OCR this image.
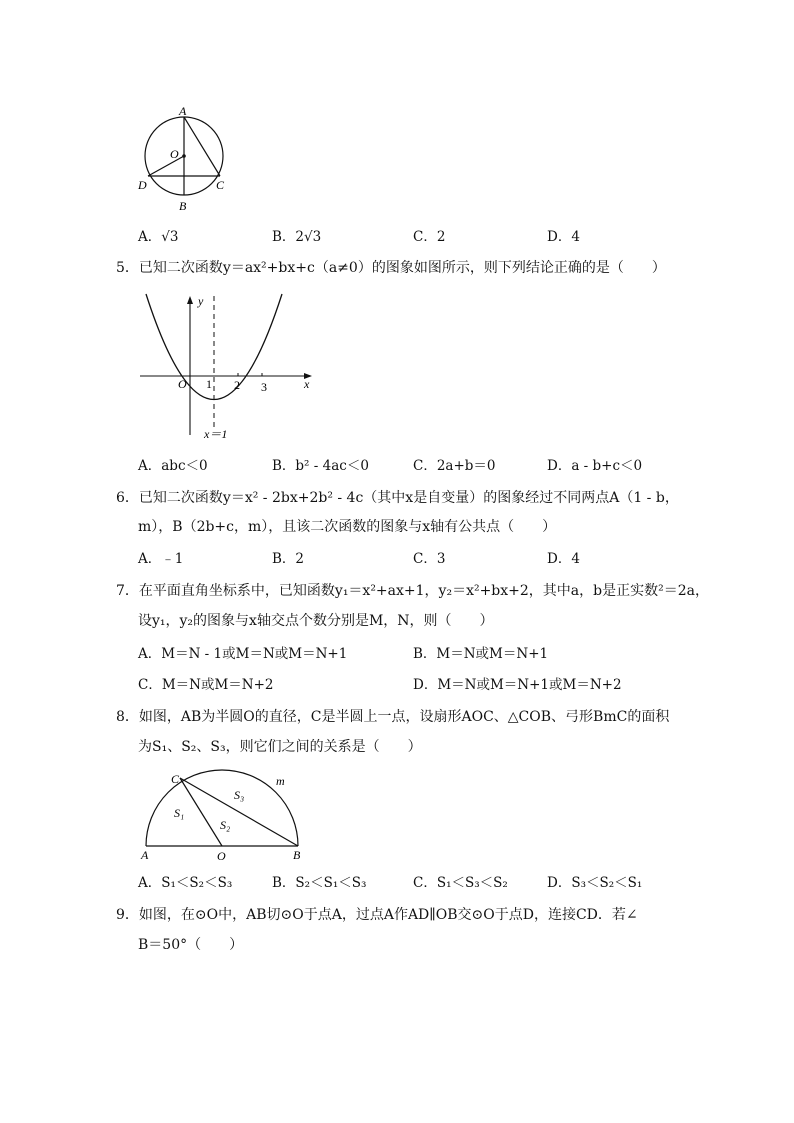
A
O
D	C
B
A．√3	B．2√3	C．2	D．4
5．已知二次函数y＝ax²+bx+c（a≠0）的图象如图所示，则下列结论正确的是（　　）
x
y
O 1 2 3
x＝1
A．abc＜0	B．b² - 4ac＜0	C．2a+b＝0	D．a - b+c＜0
6．已知二次函数y＝x² - 2bx+2b² - 4c（其中x是自变量）的图象经过不同两点A（1 - b，
m），B（2b+c，m），且该二次函数的图象与x轴有公共点（　　）
A．﹣1	B．2	C．3	D．4
7．在平面直角坐标系中，已知函数y₁＝x²+ax+1，y₂＝x²+bx+2，其中a，b是正实数²＝2a，
设y₁，y₂的图象与x轴交点个数分别是M，N，则（　　）
A．M＝N - 1或M＝N或M＝N+1	B．M＝N或M＝N+1
C．M＝N或M＝N+2	D．M＝N或M＝N+1或M＝N+2
8．如图，AB为半圆O的直径，C是半圆上一点，设扇形AOC、△COB、弓形BmC的面积
为S₁、S₂、S₃，则它们之间的关系是（　　）
C	m
S₃
S₁
S₂
A	O	B
A．S₁＜S₂＜S₃	B．S₂＜S₁＜S₃	C．S₁＜S₃＜S₂	D．S₃＜S₂＜S₁
9．如图，在⊙O中，AB切⊙O于点A，过点A作AD∥OB交⊙O于点D，连接CD．若∠
B＝50°（　　）
